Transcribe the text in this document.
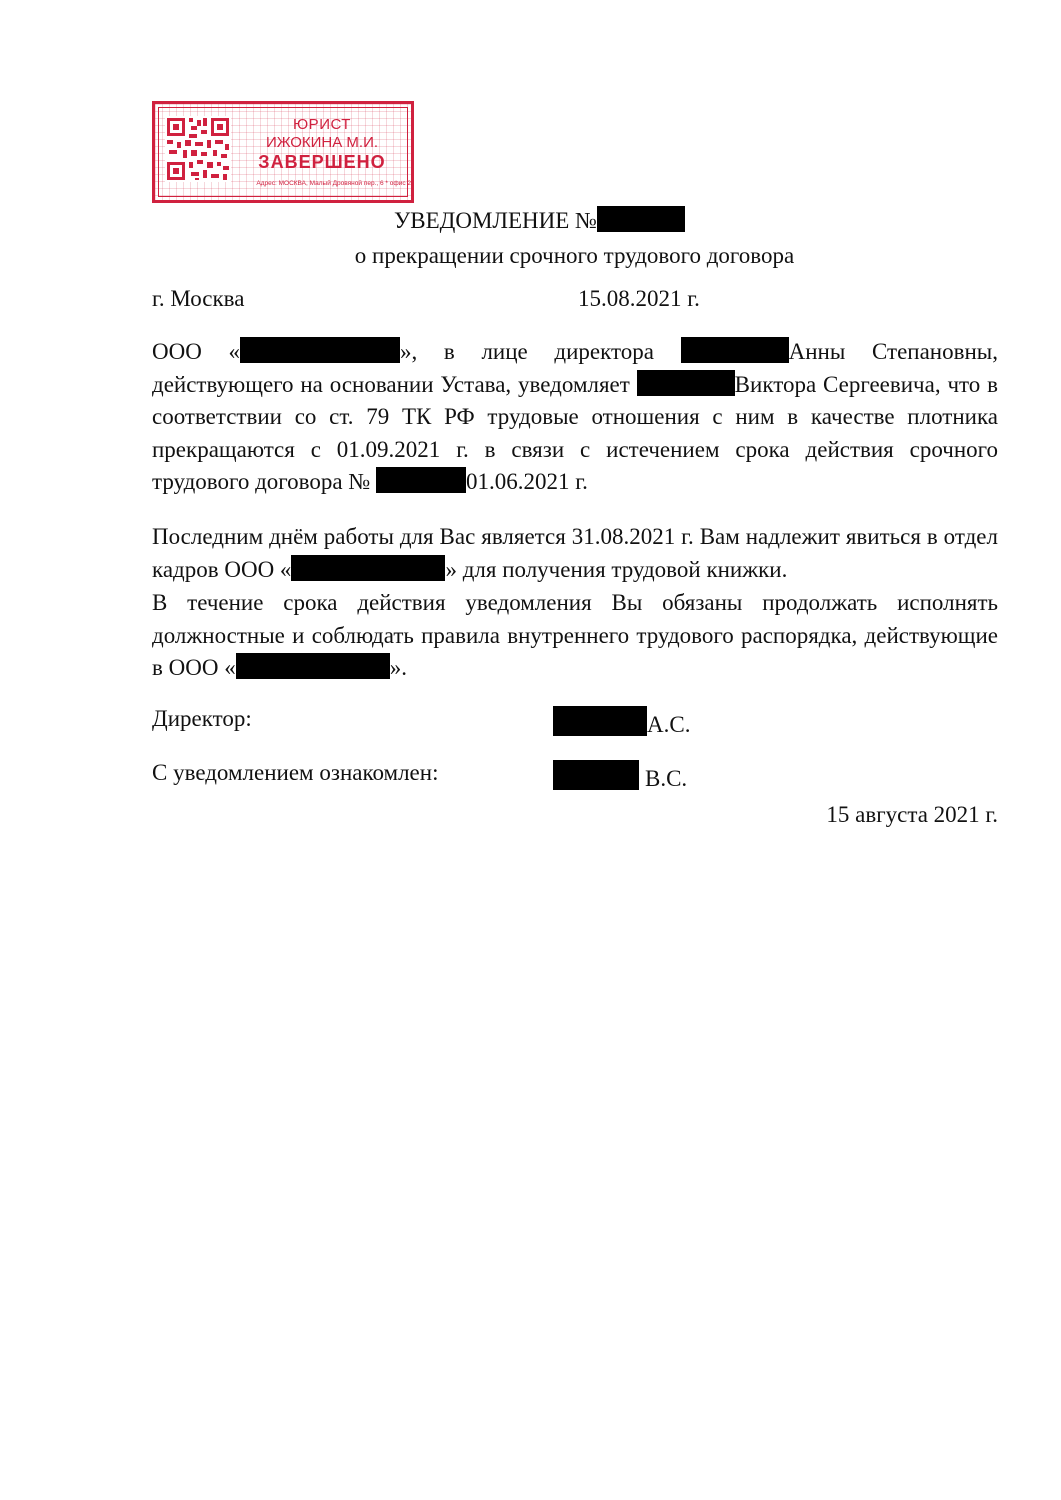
ЮРИСТ
ИЖОКИНА М.И.
ЗАВЕРШЕНО
Адрес: МОСКВА, Малый Дровяной пер., 6 * офис 2
УВЕДОМЛЕНИЕ №
о прекращении срочного трудового договора
г. Москва	15.08.2021 г.
ООО «	», в лице директора	Анны Степановны, действующего на основании Устава, уведомляет	Виктора Сергеевича, что в соответствии со ст. 79 ТК РФ трудовые отношения с ним в качестве плотника прекращаются с 01.09.2021 г. в связи с истечением срока действия срочного трудового договора №	01.06.2021 г.
Последним днём работы для Вас является 31.08.2021 г. Вам надлежит явиться в отдел кадров ООО «	» для получения трудовой книжки.
В течение срока действия уведомления Вы обязаны продолжать исполнять должностные и соблюдать правила внутреннего трудового распорядка, действующие в ООО «	».
Директор:	А.С.
С уведомлением ознакомлен:	В.С.
15 августа 2021 г.
